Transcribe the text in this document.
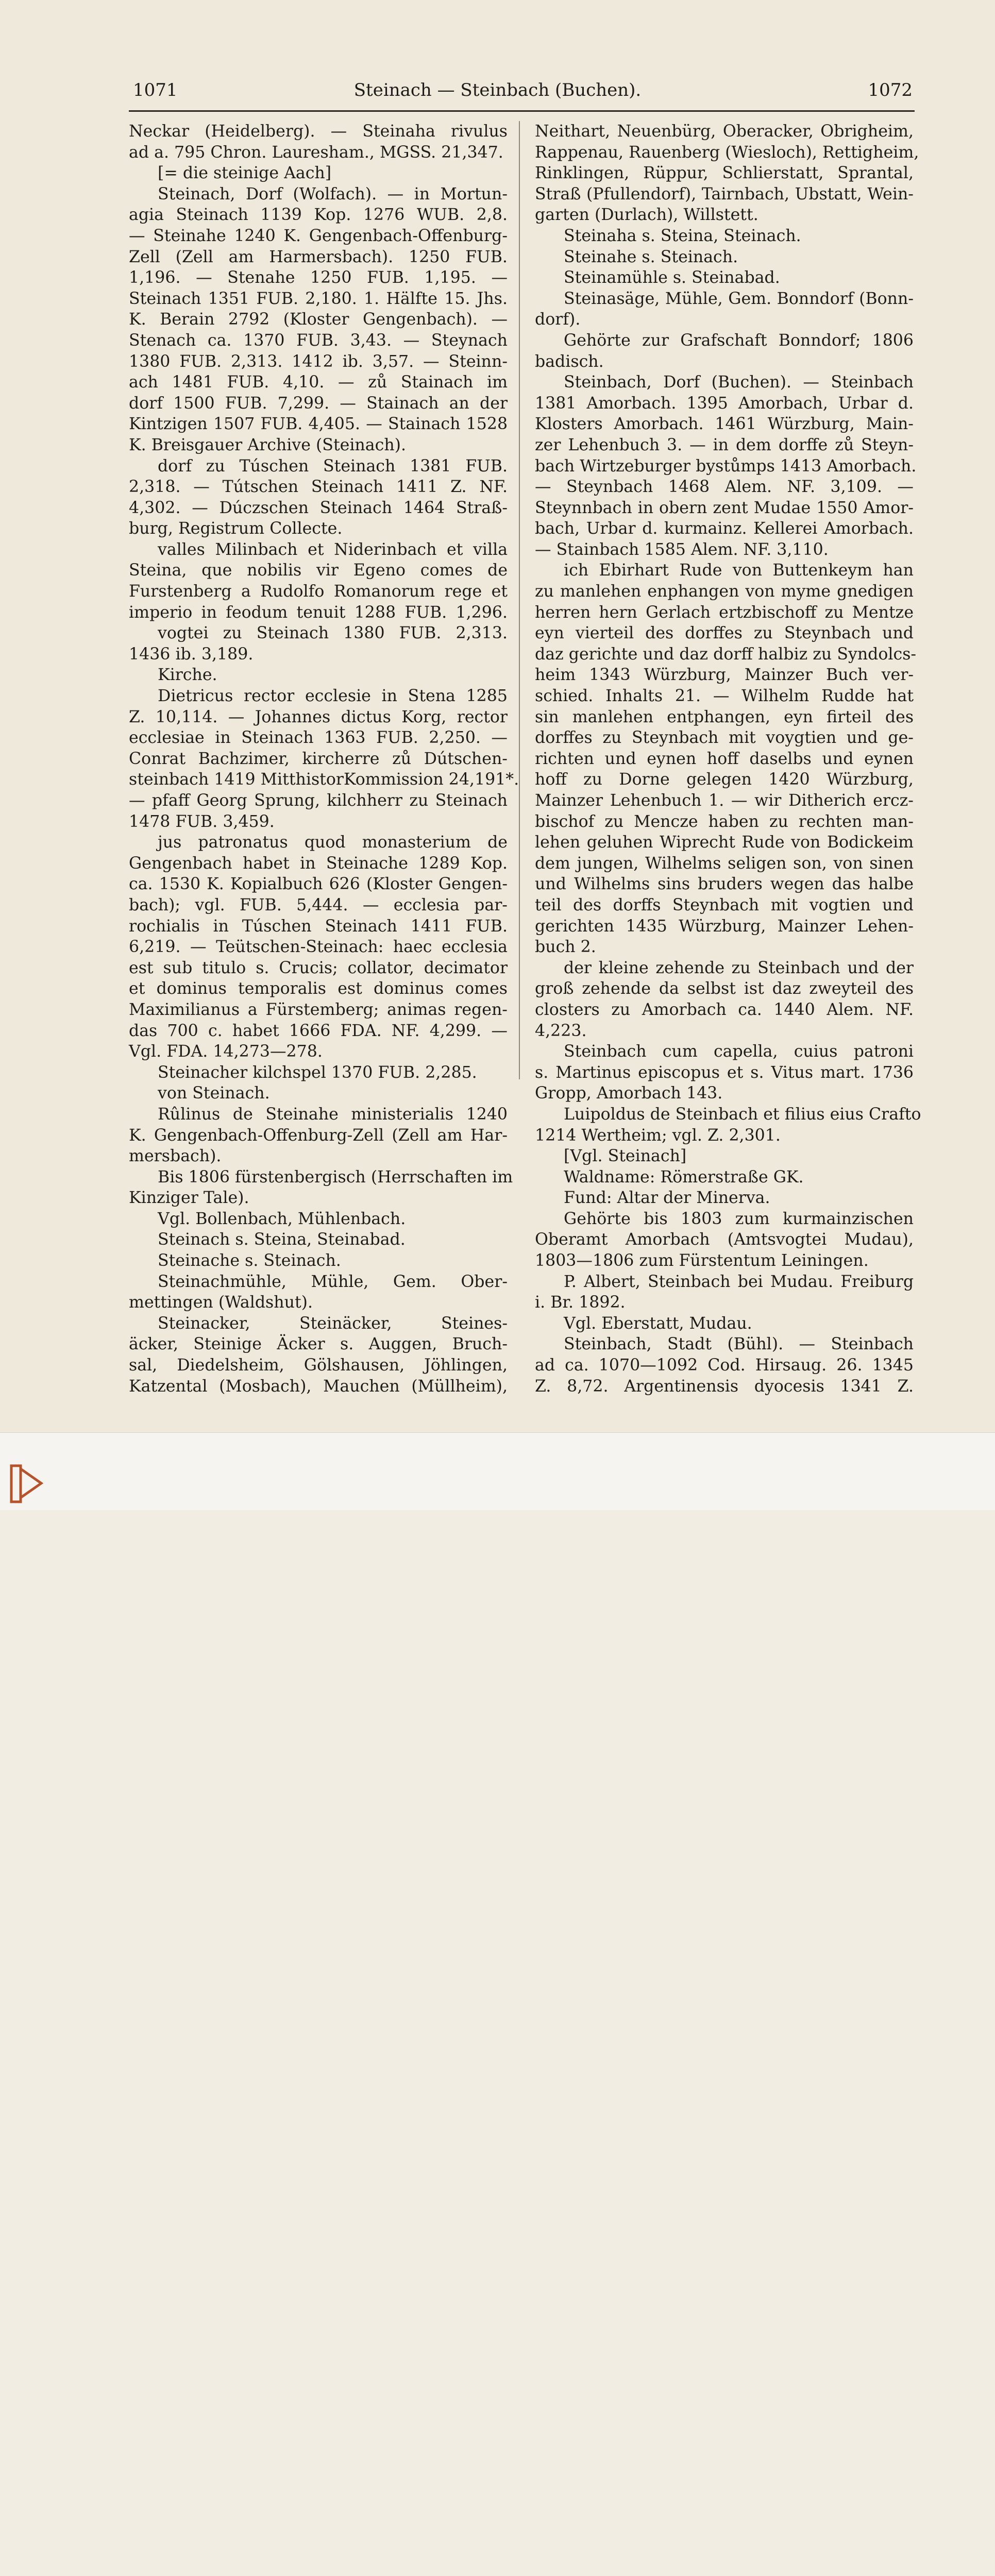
1071	Steinach — Steinbach (Buchen).	1072
Neckar (Heidelberg). — Steinaha rivulus
ad a. 795 Chron. Lauresham., MGSS. 21,347.
[= die steinige Aach]
Steinach, Dorf (Wolfach). — in Mortun-
agia Steinach 1139 Kop. 1276 WUB. 2,8.
— Steinahe 1240 K. Gengenbach-Offenburg-
Zell (Zell am Harmersbach). 1250 FUB.
1,196. — Stenahe 1250 FUB. 1,195. —
Steinach 1351 FUB. 2,180. 1. Hälfte 15. Jhs.
K. Berain 2792 (Kloster Gengenbach). —
Stenach ca. 1370 FUB. 3,43. — Steynach
1380 FUB. 2,313. 1412 ib. 3,57. — Steinn-
ach 1481 FUB. 4,10. — zů Stainach im
dorf 1500 FUB. 7,299. — Stainach an der
Kintzigen 1507 FUB. 4,405. — Stainach 1528
K. Breisgauer Archive (Steinach).
dorf zu Túschen Steinach 1381 FUB.
2,318. — Tútschen Steinach 1411 Z. NF.
4,302. — Dúczschen Steinach 1464 Straß-
burg, Registrum Collecte.
valles Milinbach et Niderinbach et villa
Steina, que nobilis vir Egeno comes de
Furstenberg a Rudolfo Romanorum rege et
imperio in feodum tenuit 1288 FUB. 1,296.
vogtei zu Steinach 1380 FUB. 2,313.
1436 ib. 3,189.
Kirche.
Dietricus rector ecclesie in Stena 1285
Z. 10,114. — Johannes dictus Korg, rector
ecclesiae in Steinach 1363 FUB. 2,250. —
Conrat Bachzimer, kircherre zů Dútschen-
steinbach 1419 MitthistorKommission 24,191*.
— pfaff Georg Sprung, kilchherr zu Steinach
1478 FUB. 3,459.
jus patronatus quod monasterium de
Gengenbach habet in Steinache 1289 Kop.
ca. 1530 K. Kopialbuch 626 (Kloster Gengen-
bach); vgl. FUB. 5,444. — ecclesia par-
rochialis in Túschen Steinach 1411 FUB.
6,219. — Teütschen-Steinach: haec ecclesia
est sub titulo s. Crucis; collator, decimator
et dominus temporalis est dominus comes
Maximilianus a Fürstemberg; animas regen-
das 700 c. habet 1666 FDA. NF. 4,299. —
Vgl. FDA. 14,273—278.
Steinacher kilchspel 1370 FUB. 2,285.
von Steinach.
Rûlinus de Steinahe ministerialis 1240
K. Gengenbach-Offenburg-Zell (Zell am Har-
mersbach).
Bis 1806 fürstenbergisch (Herrschaften im
Kinziger Tale).
Vgl. Bollenbach, Mühlenbach.
Steinach s. Steina, Steinabad.
Steinache s. Steinach.
Steinachmühle, Mühle, Gem. Ober-
mettingen (Waldshut).
Steinacker,	Steinäcker,	Steines-
äcker, Steinige Äcker s. Auggen, Bruch-
sal, Diedelsheim, Gölshausen, Jöhlingen,
Katzental (Mosbach), Mauchen (Müllheim),
Neithart, Neuenbürg, Oberacker, Obrigheim,
Rappenau, Rauenberg (Wiesloch), Rettigheim,
Rinklingen, Rüppur, Schlierstatt, Sprantal,
Straß (Pfullendorf), Tairnbach, Ubstatt, Wein-
garten (Durlach), Willstett.
Steinaha s. Steina, Steinach.
Steinahe s. Steinach.
Steinamühle s. Steinabad.
Steinasäge, Mühle, Gem. Bonndorf (Bonn-
dorf).
Gehörte zur Grafschaft Bonndorf; 1806
badisch.
Steinbach, Dorf (Buchen). — Steinbach
1381 Amorbach. 1395 Amorbach, Urbar d.
Klosters Amorbach. 1461 Würzburg, Main-
zer Lehenbuch 3. — in dem dorffe zů Steyn-
bach Wirtzeburger bystůmps 1413 Amorbach.
— Steynbach 1468 Alem. NF. 3,109. —
Steynnbach in obern zent Mudae 1550 Amor-
bach, Urbar d. kurmainz. Kellerei Amorbach.
— Stainbach 1585 Alem. NF. 3,110.
ich Ebirhart Rude von Buttenkeym han
zu manlehen enphangen von myme gnedigen
herren hern Gerlach ertzbischoff zu Mentze
eyn vierteil des dorffes zu Steynbach und
daz gerichte und daz dorff halbiz zu Syndolcs-
heim 1343 Würzburg, Mainzer Buch ver-
schied. Inhalts 21. — Wilhelm Rudde hat
sin manlehen entphangen, eyn firteil des
dorffes zu Steynbach mit voygtien und ge-
richten und eynen hoff daselbs und eynen
hoff zu Dorne gelegen 1420 Würzburg,
Mainzer Lehenbuch 1. — wir Ditherich ercz-
bischof zu Mencze haben zu rechten man-
lehen geluhen Wiprecht Rude von Bodickeim
dem jungen, Wilhelms seligen son, von sinen
und Wilhelms sins bruders wegen das halbe
teil des dorffs Steynbach mit vogtien und
gerichten 1435 Würzburg, Mainzer Lehen-
buch 2.
der kleine zehende zu Steinbach und der
groß zehende da selbst ist daz zweyteil des
closters zu Amorbach ca. 1440 Alem. NF.
4,223.
Steinbach cum capella, cuius patroni
s. Martinus episcopus et s. Vitus mart. 1736
Gropp, Amorbach 143.
Luipoldus de Steinbach et filius eius Crafto
1214 Wertheim; vgl. Z. 2,301.
[Vgl. Steinach]
Waldname: Römerstraße GK.
Fund: Altar der Minerva.
Gehörte bis 1803 zum kurmainzischen
Oberamt Amorbach (Amtsvogtei Mudau),
1803—1806 zum Fürstentum Leiningen.
P. Albert, Steinbach bei Mudau. Freiburg
i. Br. 1892.
Vgl. Eberstatt, Mudau.
Steinbach, Stadt (Bühl). — Steinbach
ad ca. 1070—1092 Cod. Hirsaug. 26. 1345
Z. 8,72. Argentinensis dyocesis 1341 Z.
